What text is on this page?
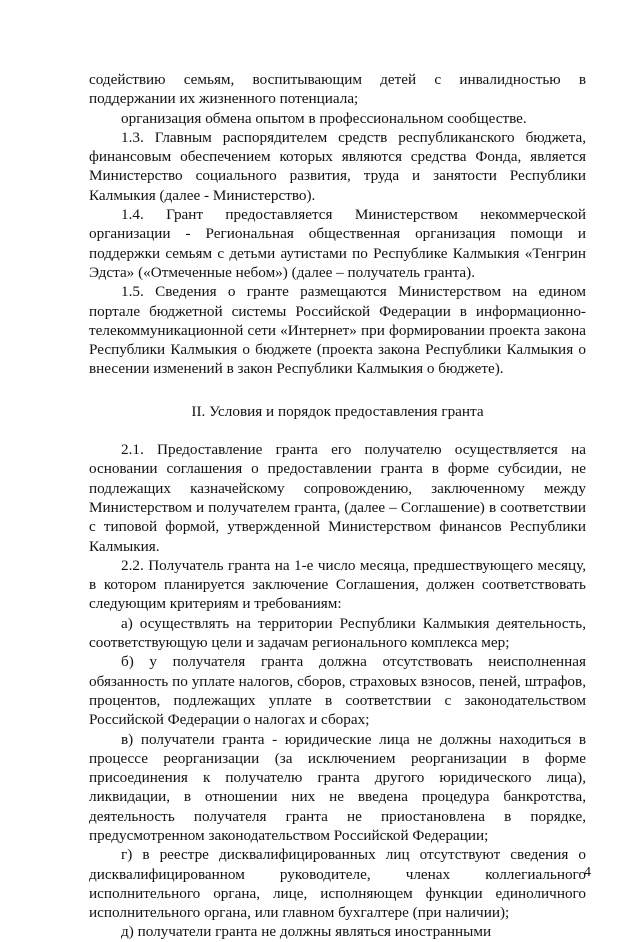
содействию семьям, воспитывающим детей с инвалидностью в поддержании их жизненного потенциала;

организация обмена опытом в профессиональном сообществе.

1.3. Главным распорядителем средств республиканского бюджета, финансовым обеспечением которых являются средства Фонда, является Министерство социального развития, труда и занятости Республики Калмыкия (далее - Министерство).

1.4. Грант предоставляется Министерством некоммерческой организации - Региональная общественная организация помощи и поддержки семьям с детьми аутистами по Республике Калмыкия «Тенгрин Эдста» («Отмеченные небом») (далее – получатель гранта).

1.5. Сведения о гранте размещаются Министерством на едином портале бюджетной системы Российской Федерации в информационно-телекоммуникационной сети «Интернет» при формировании проекта закона Республики Калмыкия о бюджете (проекта закона Республики Калмыкия о внесении изменений в закон Республики Калмыкия о бюджете).

II. Условия и порядок предоставления гранта

2.1. Предоставление гранта его получателю осуществляется на основании соглашения о предоставлении гранта в форме субсидии, не подлежащих казначейскому сопровождению, заключенному между Министерством и получателем гранта, (далее – Соглашение) в соответствии с типовой формой, утвержденной Министерством финансов Республики Калмыкия.

2.2. Получатель гранта на 1-е число месяца, предшествующего месяцу, в котором планируется заключение Соглашения, должен соответствовать следующим критериям и требованиям:

а) осуществлять на территории Республики Калмыкия деятельность, соответствующую цели и задачам регионального комплекса мер;

б) у получателя гранта должна отсутствовать неисполненная обязанность по уплате налогов, сборов, страховых взносов, пеней, штрафов, процентов, подлежащих уплате в соответствии с законодательством Российской Федерации о налогах и сборах;

в) получатели гранта - юридические лица не должны находиться в процессе реорганизации (за исключением реорганизации в форме присоединения к получателю гранта другого юридического лица), ликвидации, в отношении них не введена процедура банкротства, деятельность получателя гранта не приостановлена в порядке, предусмотренном законодательством Российской Федерации;

г) в реестре дисквалифицированных лиц отсутствуют сведения о дисквалифицированном руководителе, членах коллегиального исполнительного органа, лице, исполняющем функции единоличного исполнительного органа, или главном бухгалтере (при наличии);

д) получатели гранта не должны являться иностранными

4
